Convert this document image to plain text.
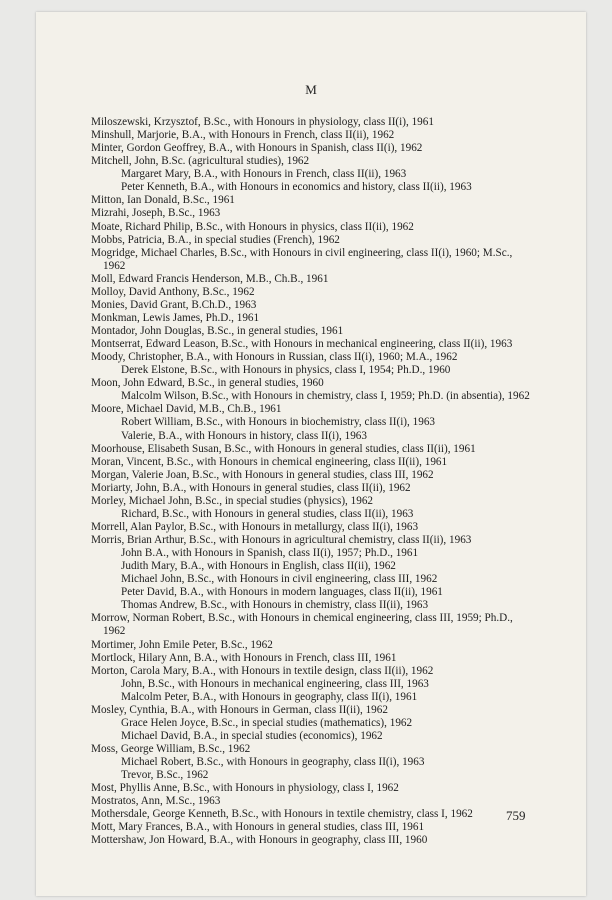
M

Miloszewski, Krzysztof, B.Sc., with Honours in physiology, class II(i), 1961

Minshull, Marjorie, B.A., with Honours in French, class II(ii), 1962

Minter, Gordon Geoffrey, B.A., with Honours in Spanish, class II(i), 1962

Mitchell, John, B.Sc. (agricultural studies), 1962

Margaret Mary, B.A., with Honours in French, class II(ii), 1963

Peter Kenneth, B.A., with Honours in economics and history, class II(ii), 1963

Mitton, Ian Donald, B.Sc., 1961

Mizrahi, Joseph, B.Sc., 1963

Moate, Richard Philip, B.Sc., with Honours in physics, class II(ii), 1962

Mobbs, Patricia, B.A., in special studies (French), 1962

Mogridge, Michael Charles, B.Sc., with Honours in civil engineering, class II(i), 1960; M.Sc., 1962

Moll, Edward Francis Henderson, M.B., Ch.B., 1961

Molloy, David Anthony, B.Sc., 1962

Monies, David Grant, B.Ch.D., 1963

Monkman, Lewis James, Ph.D., 1961

Montador, John Douglas, B.Sc., in general studies, 1961

Montserrat, Edward Leason, B.Sc., with Honours in mechanical engineering, class II(ii), 1963

Moody, Christopher, B.A., with Honours in Russian, class II(i), 1960; M.A., 1962

Derek Elstone, B.Sc., with Honours in physics, class I, 1954; Ph.D., 1960

Moon, John Edward, B.Sc., in general studies, 1960

Malcolm Wilson, B.Sc., with Honours in chemistry, class I, 1959; Ph.D. (in absentia), 1962

Moore, Michael David, M.B., Ch.B., 1961

Robert William, B.Sc., with Honours in biochemistry, class II(i), 1963

Valerie, B.A., with Honours in history, class II(i), 1963

Moorhouse, Elisabeth Susan, B.Sc., with Honours in general studies, class II(ii), 1961

Moran, Vincent, B.Sc., with Honours in chemical engineering, class II(ii), 1961

Morgan, Valerie Joan, B.Sc., with Honours in general studies, class III, 1962

Moriarty, John, B.A., with Honours in general studies, class II(ii), 1962

Morley, Michael John, B.Sc., in special studies (physics), 1962

Richard, B.Sc., with Honours in general studies, class II(ii), 1963

Morrell, Alan Paylor, B.Sc., with Honours in metallurgy, class II(i), 1963

Morris, Brian Arthur, B.Sc., with Honours in agricultural chemistry, class II(ii), 1963

John B.A., with Honours in Spanish, class II(i), 1957; Ph.D., 1961

Judith Mary, B.A., with Honours in English, class II(ii), 1962

Michael John, B.Sc., with Honours in civil engineering, class III, 1962

Peter David, B.A., with Honours in modern languages, class II(ii), 1961

Thomas Andrew, B.Sc., with Honours in chemistry, class II(ii), 1963

Morrow, Norman Robert, B.Sc., with Honours in chemical engineering, class III, 1959; Ph.D., 1962

Mortimer, John Emile Peter, B.Sc., 1962

Mortlock, Hilary Ann, B.A., with Honours in French, class III, 1961

Morton, Carola Mary, B.A., with Honours in textile design, class II(ii), 1962

John, B.Sc., with Honours in mechanical engineering, class III, 1963

Malcolm Peter, B.A., with Honours in geography, class II(i), 1961

Mosley, Cynthia, B.A., with Honours in German, class II(ii), 1962

Grace Helen Joyce, B.Sc., in special studies (mathematics), 1962

Michael David, B.A., in special studies (economics), 1962

Moss, George William, B.Sc., 1962

Michael Robert, B.Sc., with Honours in geography, class II(i), 1963

Trevor, B.Sc., 1962

Most, Phyllis Anne, B.Sc., with Honours in physiology, class I, 1962

Mostratos, Ann, M.Sc., 1963

Mothersdale, George Kenneth, B.Sc., with Honours in textile chemistry, class I, 1962

Mott, Mary Frances, B.A., with Honours in general studies, class III, 1961

Mottershaw, Jon Howard, B.A., with Honours in geography, class III, 1960

759
